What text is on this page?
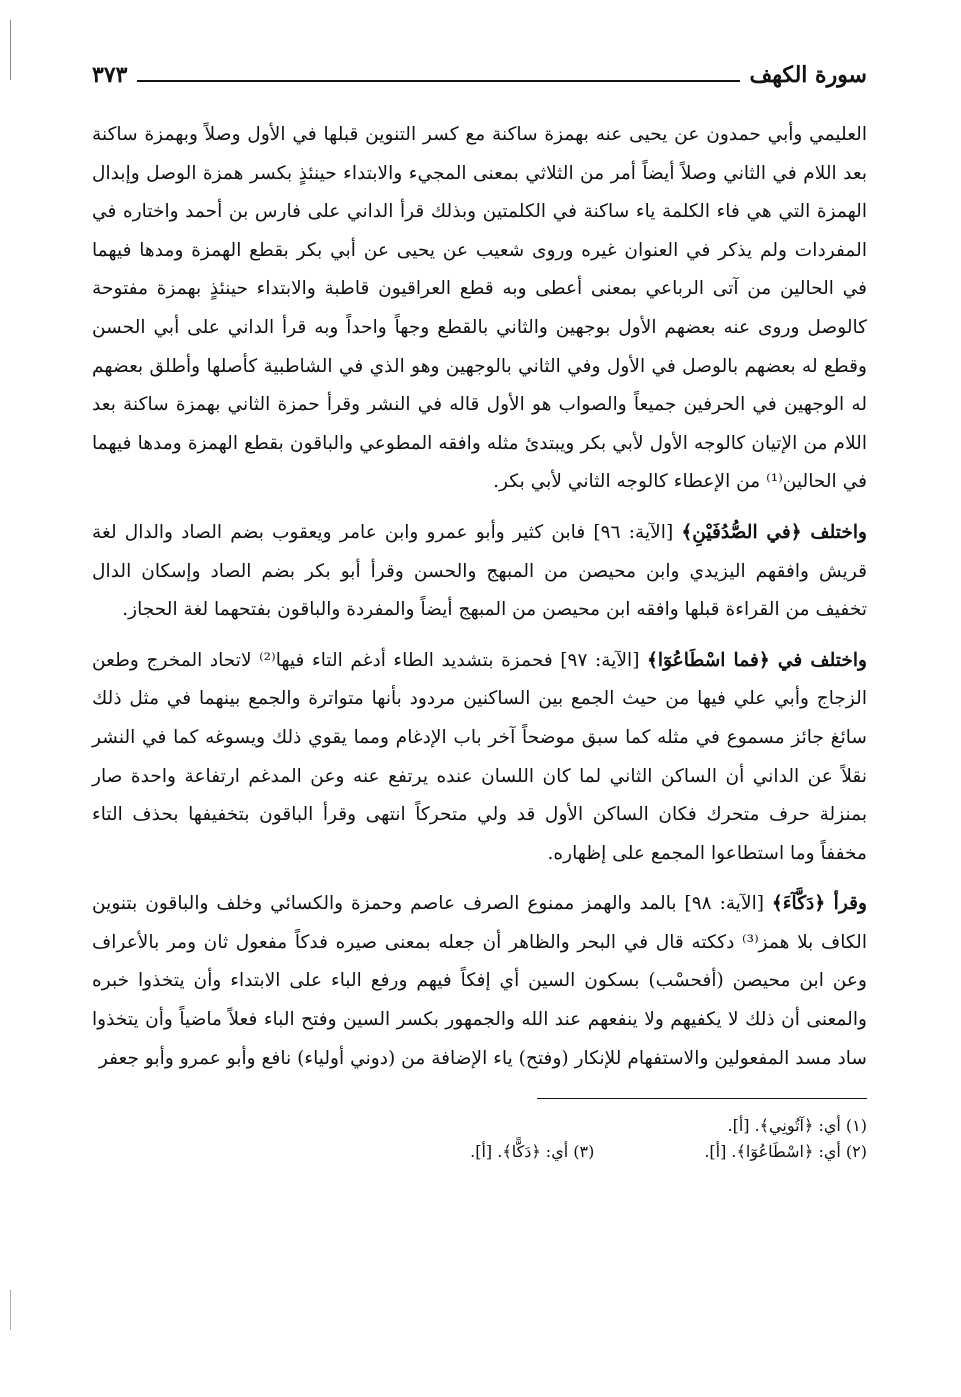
سورة الكهف
٣٧٣

العليمي وأبي حمدون عن يحيى عنه بهمزة ساكنة مع كسر التنوين قبلها في الأول وصلاً وبهمزة ساكنة بعد اللام في الثاني وصلاً أيضاً أمر من الثلاثي بمعنى المجيء والابتداء حينئذٍ بكسر همزة الوصل وإبدال الهمزة التي هي فاء الكلمة ياء ساكنة في الكلمتين وبذلك قرأ الداني على فارس بن أحمد واختاره في المفردات ولم يذكر في العنوان غيره وروى شعيب عن يحيى عن أبي بكر بقطع الهمزة ومدها فيهما في الحالين من آتى الرباعي بمعنى أعطى وبه قطع العراقيون قاطبة والابتداء حينئذٍ بهمزة مفتوحة كالوصل وروى عنه بعضهم الأول بوجهين والثاني بالقطع وجهاً واحداً وبه قرأ الداني على أبي الحسن وقطع له بعضهم بالوصل في الأول وفي الثاني بالوجهين وهو الذي في الشاطبية كأصلها وأطلق بعضهم له الوجهين في الحرفين جميعاً والصواب هو الأول قاله في النشر وقرأ حمزة الثاني بهمزة ساكنة بعد اللام من الإتيان كالوجه الأول لأبي بكر ويبتدئ مثله وافقه المطوعي والباقون بقطع الهمزة ومدها فيهما في الحالين⁽¹⁾ من الإعطاء كالوجه الثاني لأبي بكر.

واختلف ﴿في الصُّدُفَيْنِ﴾ [الآية: ٩٦] فابن كثير وأبو عمرو وابن عامر ويعقوب بضم الصاد والدال لغة قريش وافقهم اليزيدي وابن محيصن من المبهج والحسن وقرأ أبو بكر بضم الصاد وإسكان الدال تخفيف من القراءة قبلها وافقه ابن محيصن من المبهج أيضاً والمفردة والباقون بفتحهما لغة الحجاز.

واختلف في ﴿فما اسْطَاعُوٓا﴾ [الآية: ٩٧] فحمزة بتشديد الطاء أدغم التاء فيها⁽²⁾ لاتحاد المخرج وطعن الزجاج وأبي علي فيها من حيث الجمع بين الساكنين مردود بأنها متواترة والجمع بينهما في مثل ذلك سائغ جائز مسموع في مثله كما سبق موضحاً آخر باب الإدغام ومما يقوي ذلك ويسوغه كما في النشر نقلاً عن الداني أن الساكن الثاني لما كان اللسان عنده يرتفع عنه وعن المدغم ارتفاعة واحدة صار بمنزلة حرف متحرك فكان الساكن الأول قد ولي متحركاً انتهى وقرأ الباقون بتخفيفها بحذف التاء مخففاً وما استطاعوا المجمع على إظهاره.

وقرأ ﴿دَكَّآءَ﴾ [الآية: ٩٨] بالمد والهمز ممنوع الصرف عاصم وحمزة والكسائي وخلف والباقون بتنوين الكاف بلا همز⁽³⁾ دككته قال في البحر والظاهر أن جعله بمعنى صيره فدكاً مفعول ثان ومر بالأعراف وعن ابن محيصن (أفحسْب) بسكون السين أي إفكاً فيهم ورفع الباء على الابتداء وأن يتخذوا خبره والمعنى أن ذلك لا يكفيهم ولا ينفعهم عند الله والجمهور بكسر السين وفتح الباء فعلاً ماضياً وأن يتخذوا ساد مسد المفعولين والاستفهام للإنكار (وفتح) ياء الإضافة من (دوني أولياء) نافع وأبو عمرو وأبو جعفر

(١) أي: ﴿آتُونِي﴾. [أ].
(٢) أي: ﴿اسْطَاعُوٓا﴾. [أ].
(٣) أي: ﴿دَكًّا﴾. [أ].
